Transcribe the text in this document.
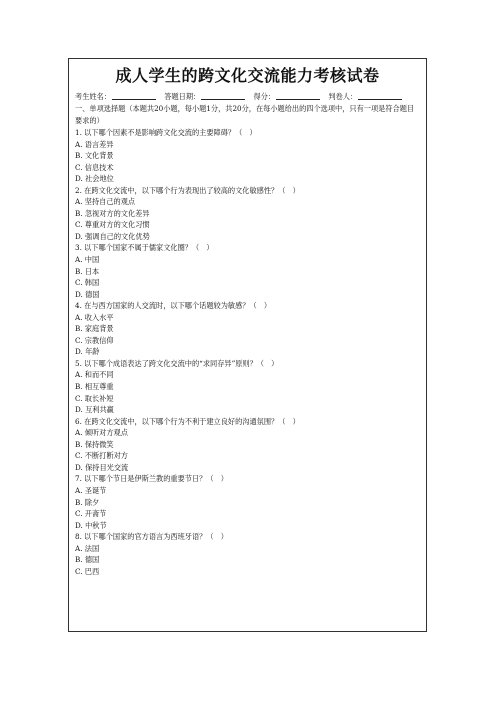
成人学生的跨文化交流能力考核试卷
考生姓名：	答题日期：	得分：	判卷人：
一、单项选择题（本题共20小题，每小题1分，共20分，在每小题给出的四个选项中，只有一项是符合题目要求的）
1. 以下哪个因素不是影响跨文化交流的主要障碍？（　）
A. 语言差异
B. 文化背景
C. 信息技术
D. 社会地位
2. 在跨文化交流中，以下哪个行为表现出了较高的文化敏感性？（　）
A. 坚持自己的观点
B. 忽视对方的文化差异
C. 尊重对方的文化习惯
D. 强调自己的文化优势
3. 以下哪个国家不属于儒家文化圈？（　）
A. 中国
B. 日本
C. 韩国
D. 德国
4. 在与西方国家的人交流时，以下哪个话题较为敏感？（　）
A. 收入水平
B. 家庭背景
C. 宗教信仰
D. 年龄
5. 以下哪个成语表达了跨文化交流中的“求同存异”原则？（　）
A. 和而不同
B. 相互尊重
C. 取长补短
D. 互利共赢
6. 在跨文化交流中，以下哪个行为不利于建立良好的沟通氛围？（　）
A. 倾听对方观点
B. 保持微笑
C. 不断打断对方
D. 保持目光交流
7. 以下哪个节日是伊斯兰教的重要节日？（　）
A. 圣诞节
B. 除夕
C. 开斋节
D. 中秋节
8. 以下哪个国家的官方语言为西班牙语？（　）
A. 法国
B. 德国
C. 巴西
